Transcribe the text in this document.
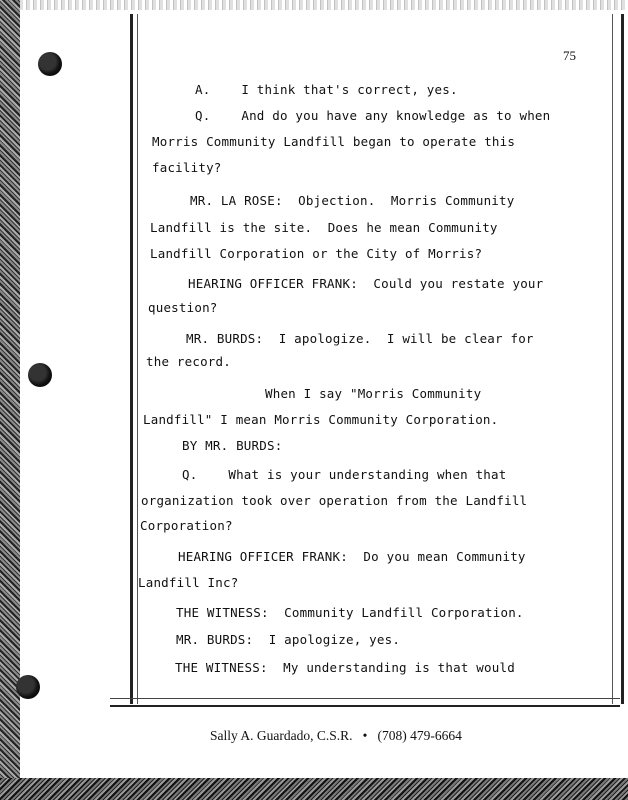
75
A.    I think that's correct, yes.
Q.    And do you have any knowledge as to when
Morris Community Landfill began to operate this
facility?
MR. LA ROSE:  Objection.  Morris Community
Landfill is the site.  Does he mean Community
Landfill Corporation or the City of Morris?
HEARING OFFICER FRANK:  Could you restate your
question?
MR. BURDS:  I apologize.  I will be clear for
the record.
When I say "Morris Community
Landfill" I mean Morris Community Corporation.
BY MR. BURDS:
Q.    What is your understanding when that
organization took over operation from the Landfill
Corporation?
HEARING OFFICER FRANK:  Do you mean Community
Landfill Inc?
THE WITNESS:  Community Landfill Corporation.
MR. BURDS:  I apologize, yes.
THE WITNESS:  My understanding is that would
Sally A. Guardado, C.S.R.   •   (708) 479-6664
